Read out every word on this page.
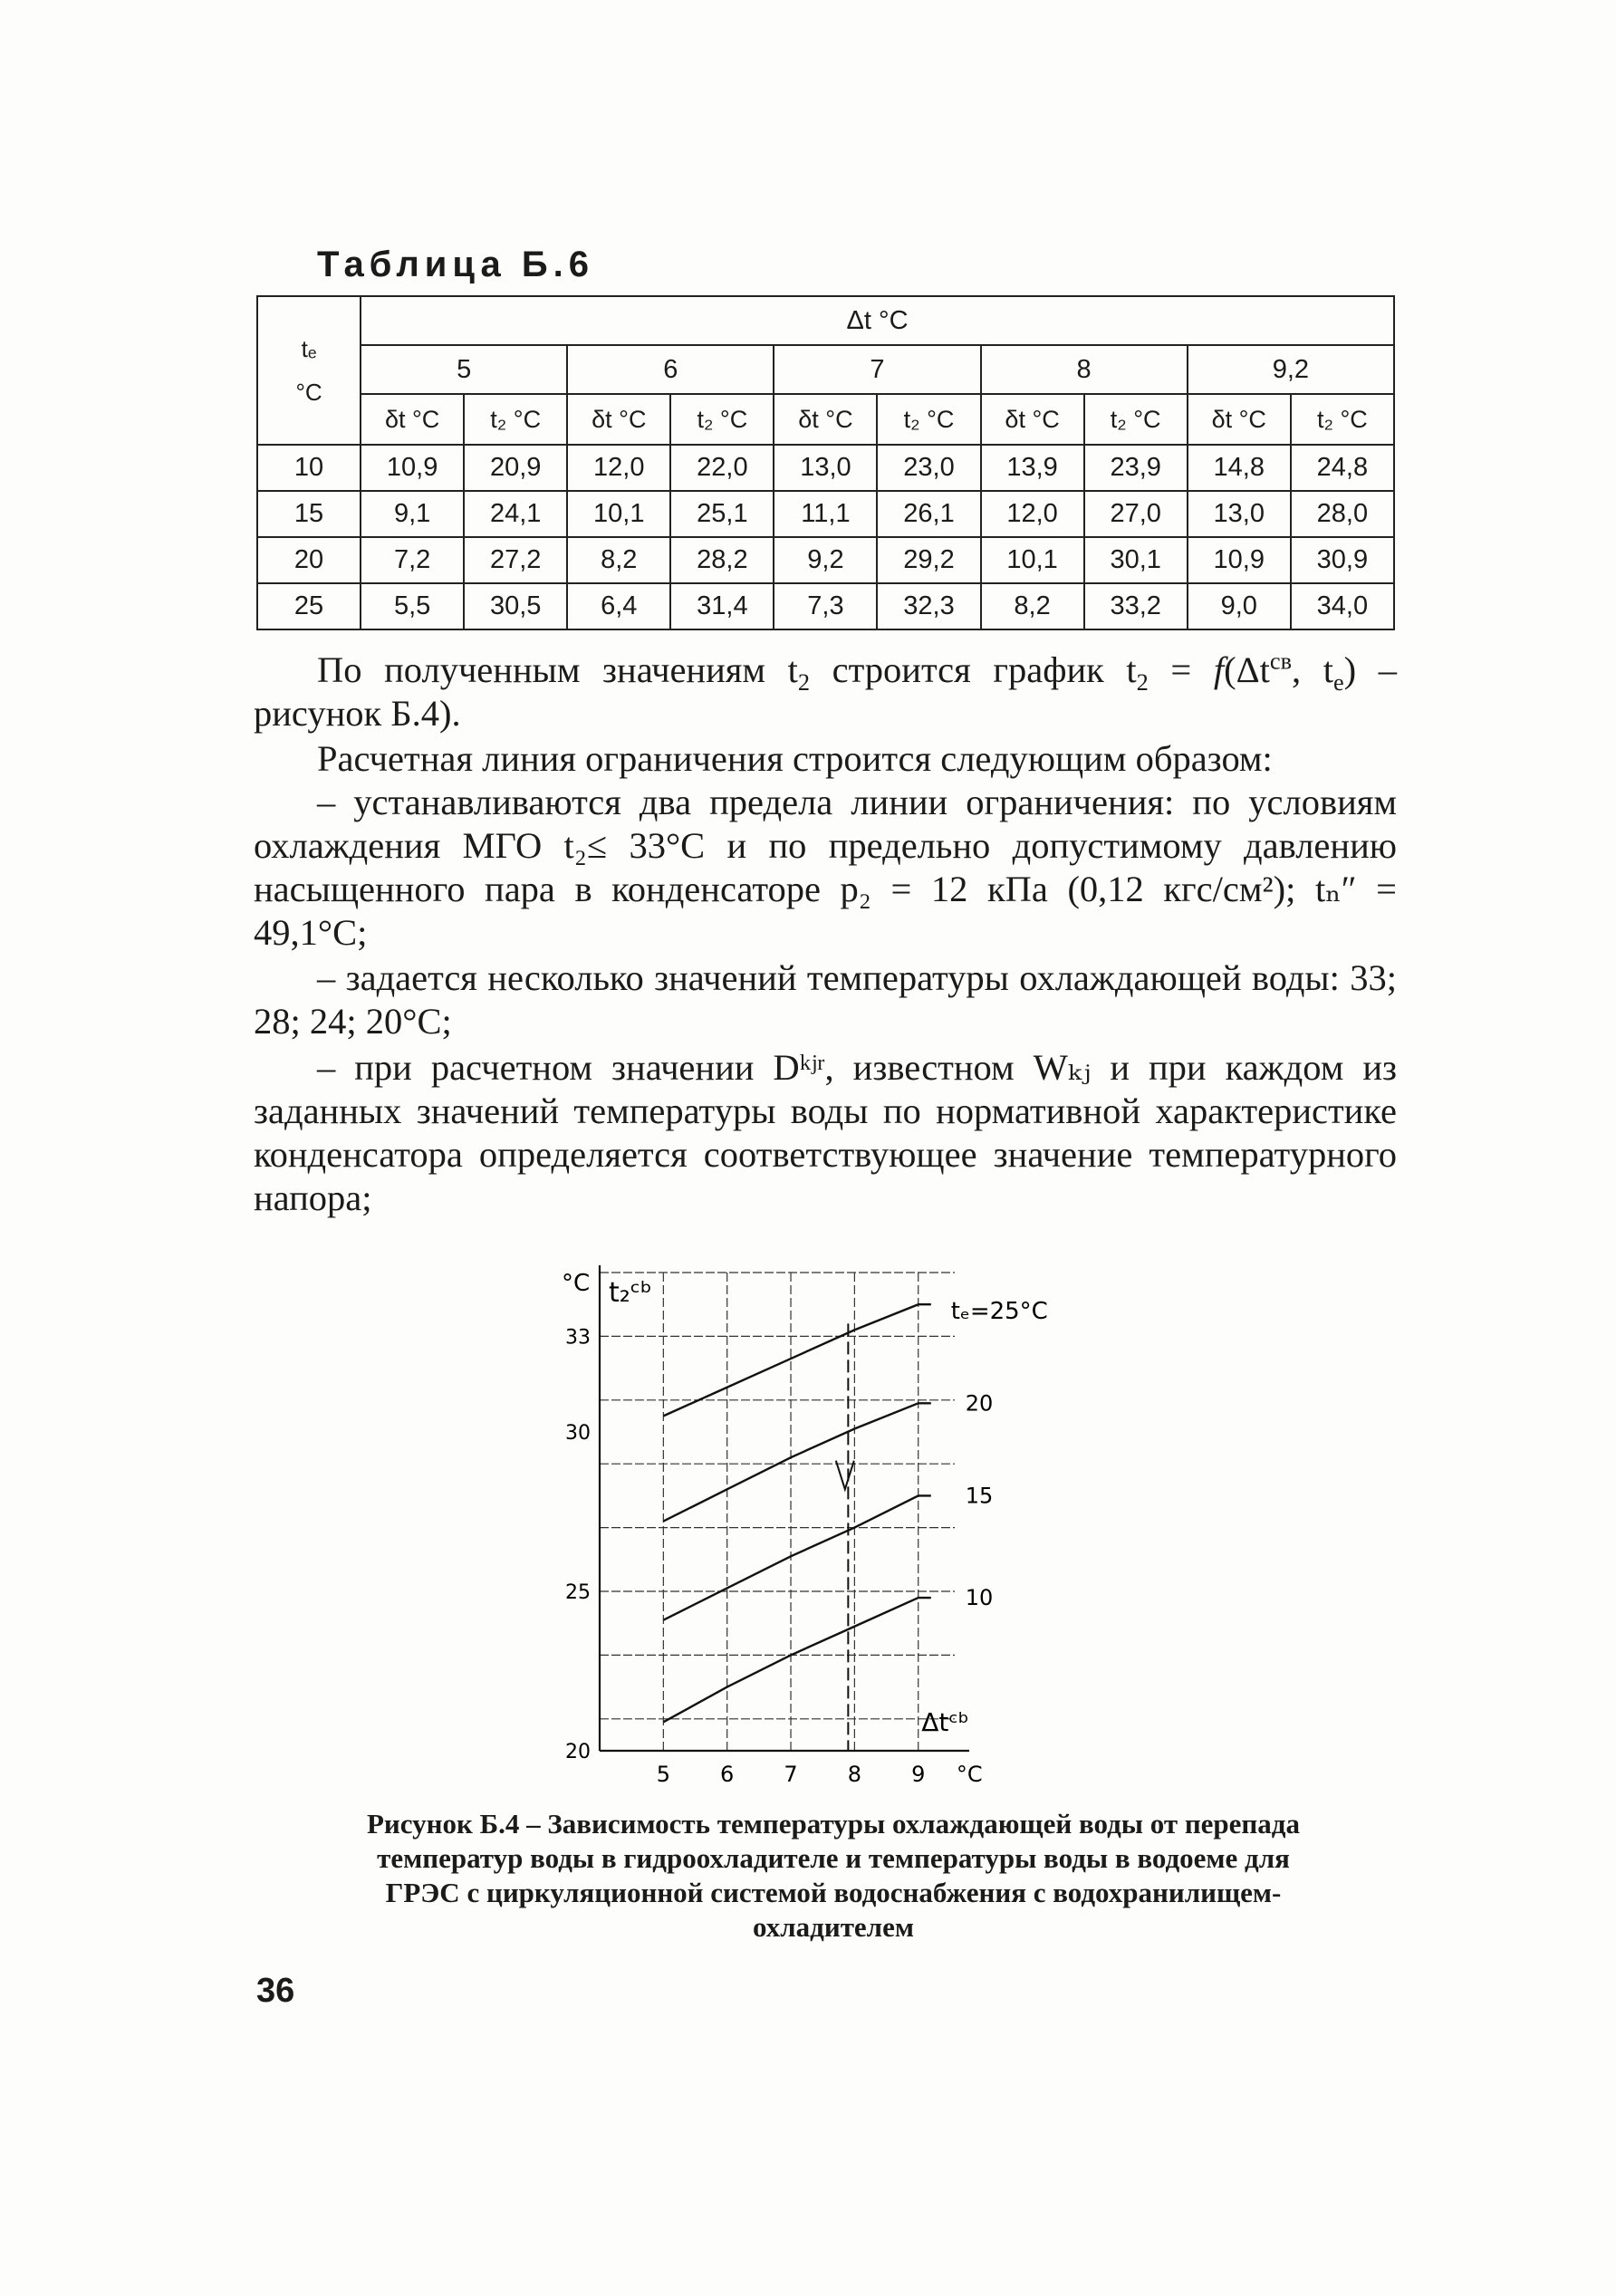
Таблица Б.6
tₑ
°C	Δt °C									
	5		6		7		8		9,2	
	δt °C	t₂ °C	δt °C	t₂ °C	δt °C	t₂ °C	δt °C	t₂ °C	δt °C	t₂ °C
10	10,9	20,9	12,0	22,0	13,0	23,0	13,9	23,9	14,8	24,8
15	9,1	24,1	10,1	25,1	11,1	26,1	12,0	27,0	13,0	28,0
20	7,2	27,2	8,2	28,2	9,2	29,2	10,1	30,1	10,9	30,9
25	5,5	30,5	6,4	31,4	7,3	32,3	8,2	33,2	9,0	34,0

По полученным значениям $t_2$ строится график $t_2 = f(\Delta t^{св}$, $t_е$) – рисунок Б.4).

Расчетная линия ограничения строится следующим образом:

– устанавливаются два предела линии ограничения: по условиям охлаждения МГО t₂≤ 33°С и по предельно допустимому давлению насыщенного пара в конденсаторе p₂ = 12 кПа (0,12 кгс/см²); tₙ″ = 49,1°С;

– задается несколько значений температуры охлаждающей воды: 33; 28; 24; 20°С;

– при расчетном значении Dᵏʲʳ, известном Wₖⱼ и при каждом из заданных значений температуры воды по нормативной характеристике конденсатора определяется соответствующее значение температурного напора;

tₑ=25°C
20
15
10
5 6 7 8 9
20
25
30
33
°C t₂ᶜᵇ
Δtᶜᵇ
°C
Рисунок Б.4 – Зависимость температуры охлаждающей воды от перепада температур воды в гидроохладителе и температуры воды в водоеме для ГРЭС с циркуляционной системой водоснабжения с водохранилищем-охладителем
36
